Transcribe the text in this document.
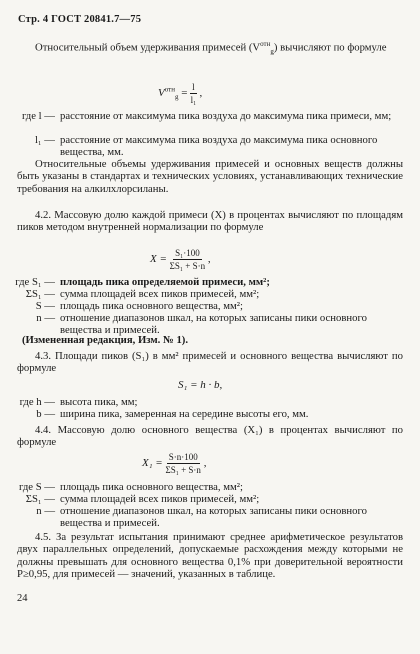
Стр. 4 ГОСТ 20841.7—75
Относительный объем удерживания примесей $(V^{отн}_g)$ вычисляют по формуле
$V^{отн}_g = \frac{l}{\text{l₁}}$ ,
где l — расстояние от максимума пика воздуха до максимума пика примеси, мм;
l₁ — расстояние от максимума пика воздуха до максимума пика основного вещества, мм.
Относительные объемы удерживания примесей и основных веществ должны быть указаны в стандартах и технических условиях, устанавливающих технические требования на алкилхлорсиланы.
4.2. Массовую долю каждой примеси (X) в процентах вычисляют по площадям пиков методом внутренней нормализации по формуле
$X = \frac{\text{S₁·100}}{\text{ΣS₁ + S·n}}$ ,
где S₁ — площадь пика определяемой примеси, мм²;
ΣS₁ — сумма площадей всех пиков примесей, мм²;
S — площадь пика основного вещества, мм²;
n — отношение диапазонов шкал, на которых записаны пики основного вещества и примесей.
(Измененная редакция, Изм. № 1).
4.3. Площади пиков (S₁) в мм² примесей и основного вещества вычисляют по формуле
S₁ = h · b,
где h — высота пика, мм;
b — ширина пика, замеренная на середине высоты его, мм.
4.4. Массовую долю основного вещества (X₁) в процентах вычисляют по формуле
$X_1 = \frac{S\cdot n\cdot 100}{\text{ΣS₁ + S·n}}$ ,
где S — площадь пика основного вещества, мм²;
ΣS₁ — сумма площадей всех пиков примесей, мм²;
n — отношение диапазонов шкал, на которых записаны пики основного вещества и примесей.
4.5. За результат испытания принимают среднее арифметическое результатов двух параллельных определений, допускаемые расхождения между которыми не должны превышать для основного вещества 0,1% при доверительной вероятности P≥0,95, для примесей — значений, указанных в таблице.
24
